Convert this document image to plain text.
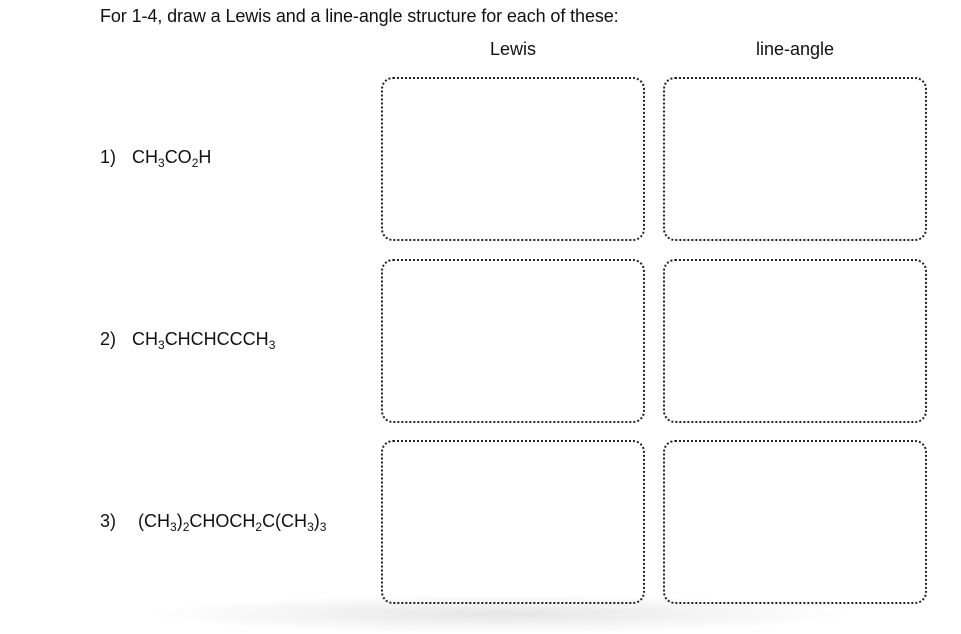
For 1-4, draw a Lewis and a line-angle structure for each of these:
Lewis	line-angle
1) $CH_3CO_2H$
2) $CH_3CHCHCCCH_3$
3) $(CH_3)_2CHOCH_2C(CH_3)_3$
